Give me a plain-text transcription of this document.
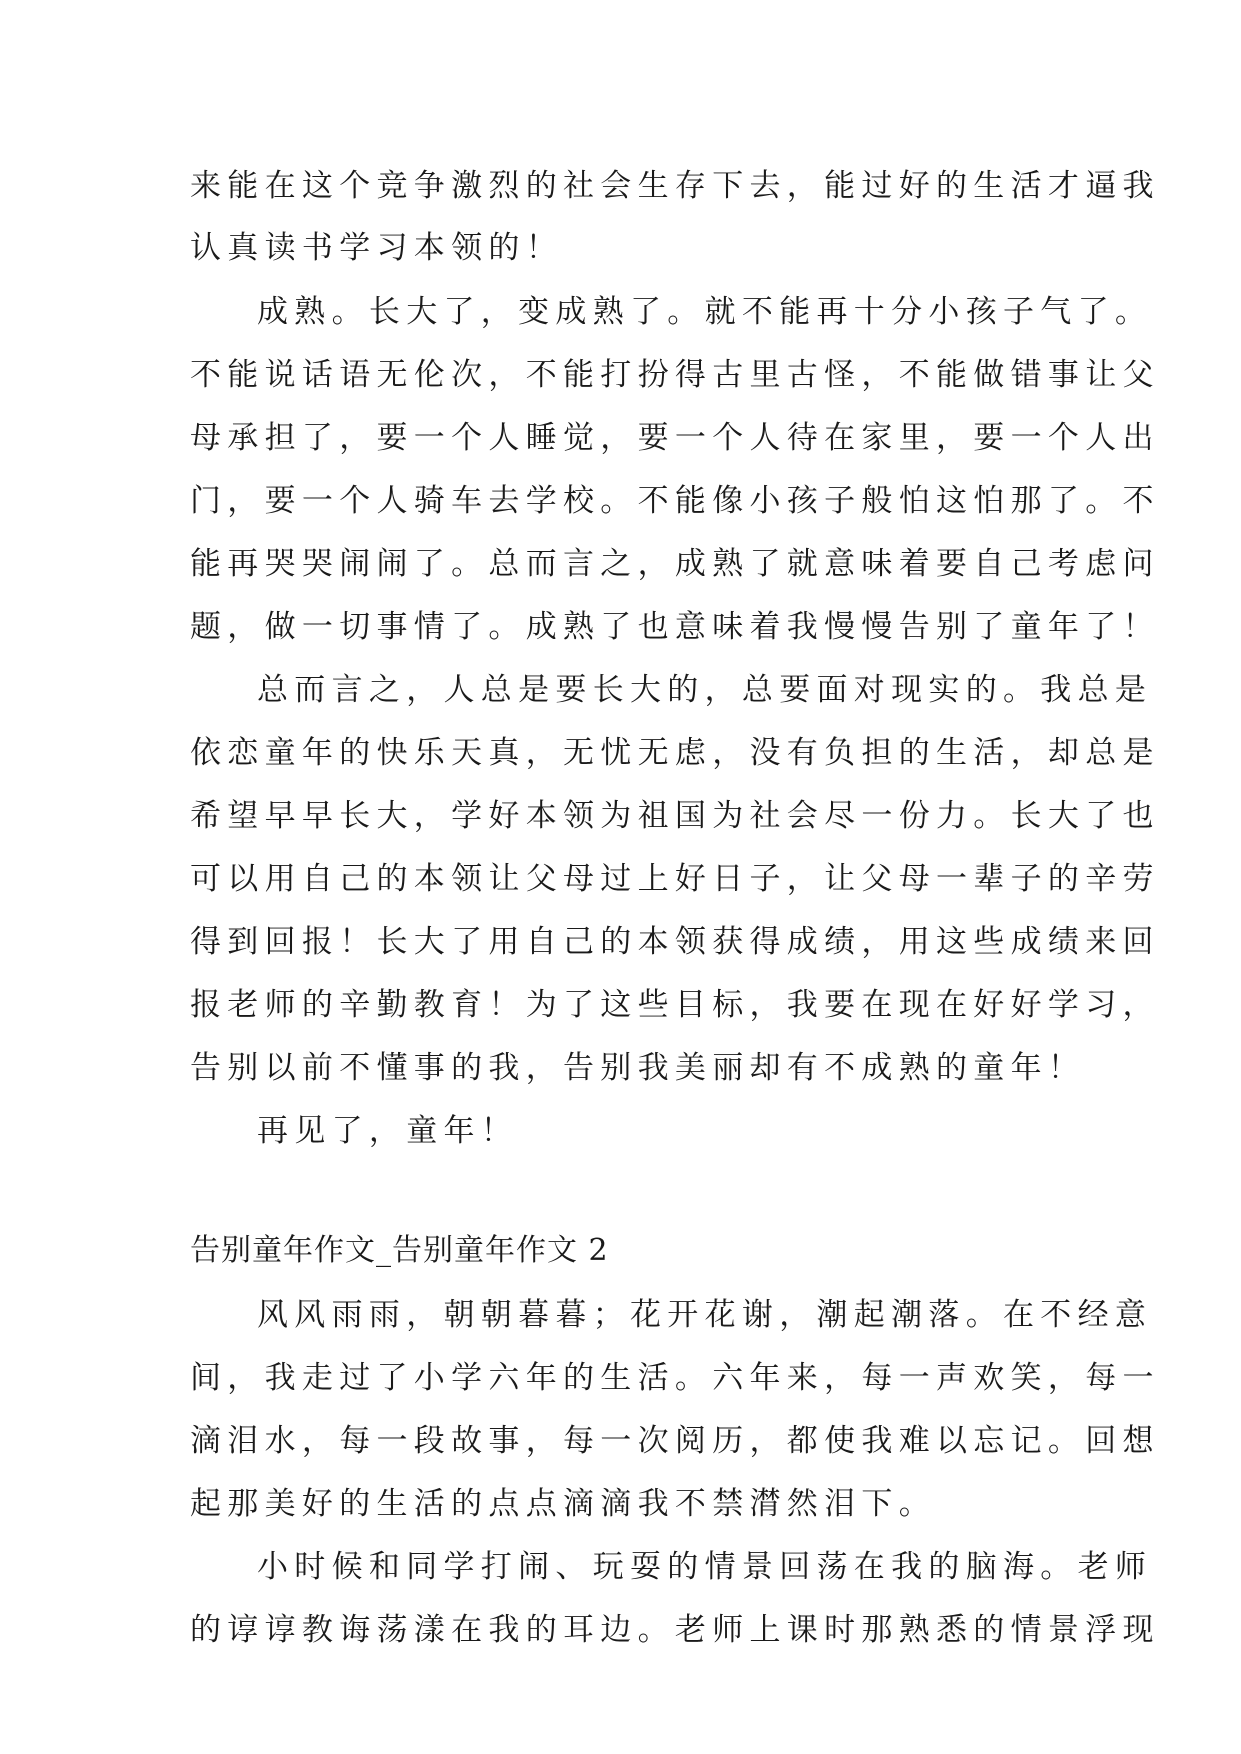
来能在这个竞争激烈的社会生存下去，能过好的生活才逼我
认真读书学习本领的！
成熟。长大了，变成熟了。就不能再十分小孩子气了。
不能说话语无伦次，不能打扮得古里古怪，不能做错事让父
母承担了，要一个人睡觉，要一个人待在家里，要一个人出
门，要一个人骑车去学校。不能像小孩子般怕这怕那了。不
能再哭哭闹闹了。总而言之，成熟了就意味着要自己考虑问
题，做一切事情了。成熟了也意味着我慢慢告别了童年了！
总而言之，人总是要长大的，总要面对现实的。我总是
依恋童年的快乐天真，无忧无虑，没有负担的生活，却总是
希望早早长大，学好本领为祖国为社会尽一份力。长大了也
可以用自己的本领让父母过上好日子，让父母一辈子的辛劳
得到回报！长大了用自己的本领获得成绩，用这些成绩来回
报老师的辛勤教育！为了这些目标，我要在现在好好学习，
告别以前不懂事的我，告别我美丽却有不成熟的童年！
再见了，童年！
告别童年作文_告别童年作文 2
风风雨雨，朝朝暮暮；花开花谢，潮起潮落。在不经意
间，我走过了小学六年的生活。六年来，每一声欢笑，每一
滴泪水，每一段故事，每一次阅历，都使我难以忘记。回想
起那美好的生活的点点滴滴我不禁潸然泪下。
小时候和同学打闹、玩耍的情景回荡在我的脑海。老师
的谆谆教诲荡漾在我的耳边。老师上课时那熟悉的情景浮现
